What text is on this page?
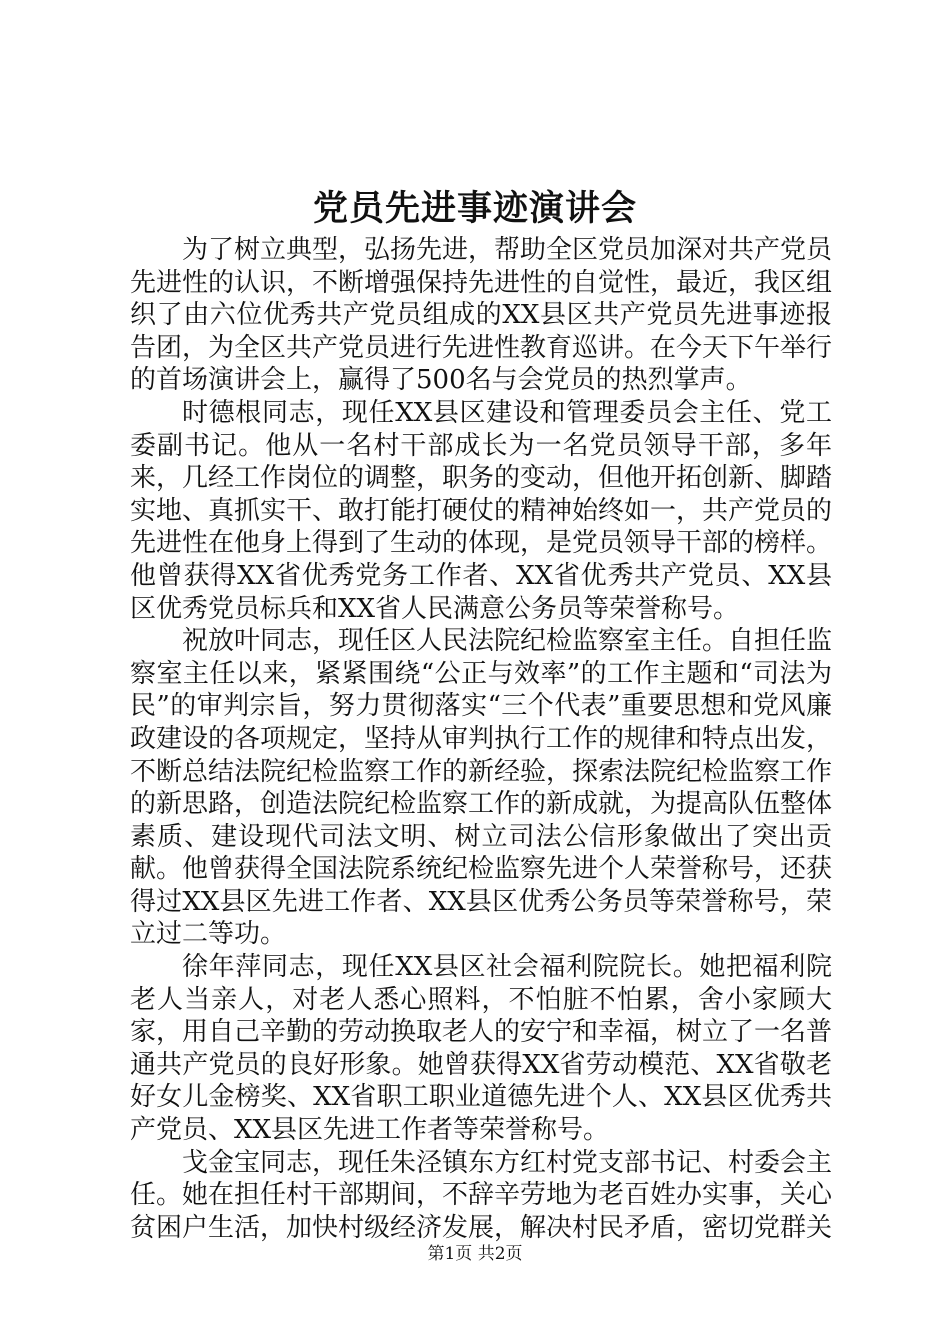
党员先进事迹演讲会

为了树立典型，弘扬先进，帮助全区党员加深对共产党员先进性的认识，不断增强保持先进性的自觉性，最近，我区组织了由六位优秀共产党员组成的XX县区共产党员先进事迹报告团，为全区共产党员进行先进性教育巡讲。在今天下午举行的首场演讲会上，赢得了500名与会党员的热烈掌声。

时德根同志，现任XX县区建设和管理委员会主任、党工委副书记。他从一名村干部成长为一名党员领导干部，多年来，几经工作岗位的调整，职务的变动，但他开拓创新、脚踏实地、真抓实干、敢打能打硬仗的精神始终如一，共产党员的先进性在他身上得到了生动的体现，是党员领导干部的榜样。他曾获得XX省优秀党务工作者、XX省优秀共产党员、XX县区优秀党员标兵和XX省人民满意公务员等荣誉称号。

祝放叶同志，现任区人民法院纪检监察室主任。自担任监察室主任以来，紧紧围绕“公正与效率”的工作主题和“司法为民”的审判宗旨，努力贯彻落实“三个代表”重要思想和党风廉政建设的各项规定，坚持从审判执行工作的规律和特点出发，不断总结法院纪检监察工作的新经验，探索法院纪检监察工作的新思路，创造法院纪检监察工作的新成就，为提高队伍整体素质、建设现代司法文明、树立司法公信形象做出了突出贡献。他曾获得全国法院系统纪检监察先进个人荣誉称号，还获得过XX县区先进工作者、XX县区优秀公务员等荣誉称号，荣立过二等功。

徐年萍同志，现任XX县区社会福利院院长。她把福利院老人当亲人，对老人悉心照料，不怕脏不怕累，舍小家顾大家，用自己辛勤的劳动换取老人的安宁和幸福，树立了一名普通共产党员的良好形象。她曾获得XX省劳动模范、XX省敬老好女儿金榜奖、XX省职工职业道德先进个人、XX县区优秀共产党员、XX县区先进工作者等荣誉称号。

戈金宝同志，现任朱泾镇东方红村党支部书记、村委会主任。她在担任村干部期间，不辞辛劳地为老百姓办实事，关心贫困户生活，加快村级经济发展，解决村民矛盾，密切党群关

第1页 共2页
